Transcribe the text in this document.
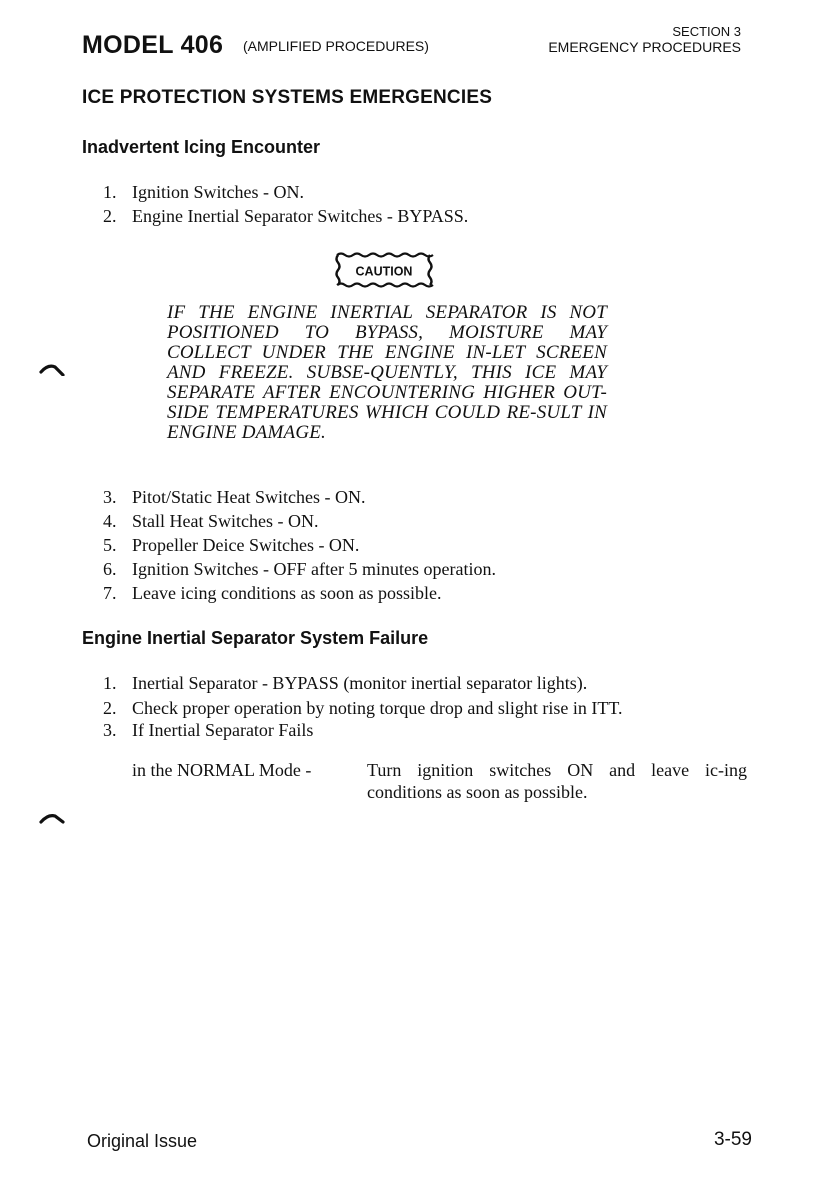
MODEL 406 (AMPLIFIED PROCEDURES)
SECTION 3
EMERGENCY PROCEDURES
ICE PROTECTION SYSTEMS EMERGENCIES
Inadvertent Icing Encounter
1. Ignition Switches - ON.
2. Engine Inertial Separator Switches - BYPASS.
CAUTION
IF THE ENGINE INERTIAL SEPARATOR IS NOT POSITIONED TO BYPASS, MOISTURE MAY COLLECT UNDER THE ENGINE IN-LET SCREEN AND FREEZE. SUBSE-QUENTLY, THIS ICE MAY SEPARATE AFTER ENCOUNTERING HIGHER OUT-SIDE TEMPERATURES WHICH COULD RE-SULT IN ENGINE DAMAGE.
3. Pitot/Static Heat Switches - ON.
4. Stall Heat Switches - ON.
5. Propeller Deice Switches - ON.
6. Ignition Switches - OFF after 5 minutes operation.
7. Leave icing conditions as soon as possible.
Engine Inertial Separator System Failure
1. Inertial Separator - BYPASS (monitor inertial separator lights).
2. Check proper operation by noting torque drop and slight rise in ITT.
3. If Inertial Separator Fails
in the NORMAL Mode -	Turn ignition switches ON and leave ic-ing conditions as soon as possible.
Original Issue	3-59
